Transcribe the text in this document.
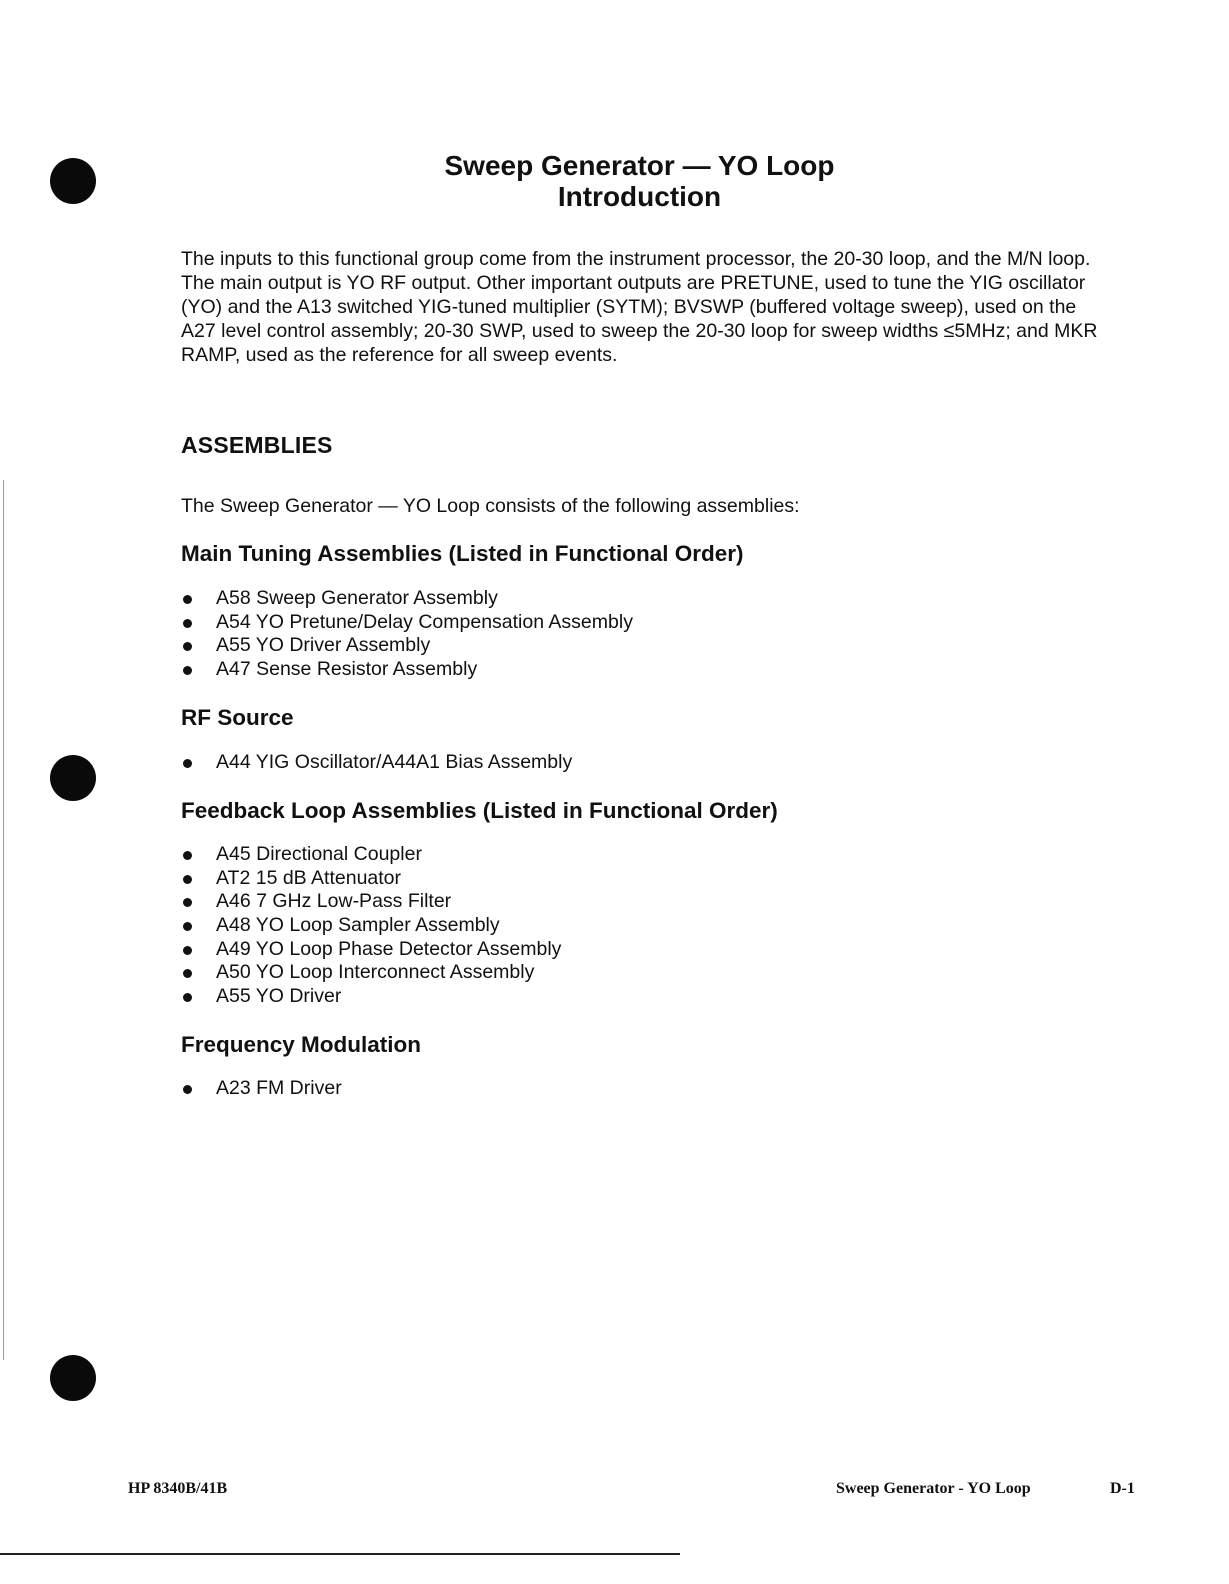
Sweep Generator — YO Loop
Introduction

The inputs to this functional group come from the instrument processor, the 20-30 loop, and the M/N loop. The main output is YO RF output. Other important outputs are PRETUNE, used to tune the YIG oscillator (YO) and the A13 switched YIG-tuned multiplier (SYTM); BVSWP (buffered voltage sweep), used on the A27 level control assembly; 20-30 SWP, used to sweep the 20-30 loop for sweep widths ≤5MHz; and MKR RAMP, used as the reference for all sweep events.

ASSEMBLIES

The Sweep Generator — YO Loop consists of the following assemblies:

Main Tuning Assemblies (Listed in Functional Order)
A58 Sweep Generator Assembly
A54 YO Pretune/Delay Compensation Assembly
A55 YO Driver Assembly
A47 Sense Resistor Assembly
RF Source
A44 YIG Oscillator/A44A1 Bias Assembly
Feedback Loop Assemblies (Listed in Functional Order)
A45 Directional Coupler
AT2 15 dB Attenuator
A46 7 GHz Low-Pass Filter
A48 YO Loop Sampler Assembly
A49 YO Loop Phase Detector Assembly
A50 YO Loop Interconnect Assembly
A55 YO Driver
Frequency Modulation
A23 FM Driver
HP 8340B/41B	Sweep Generator - YO Loop	D-1
